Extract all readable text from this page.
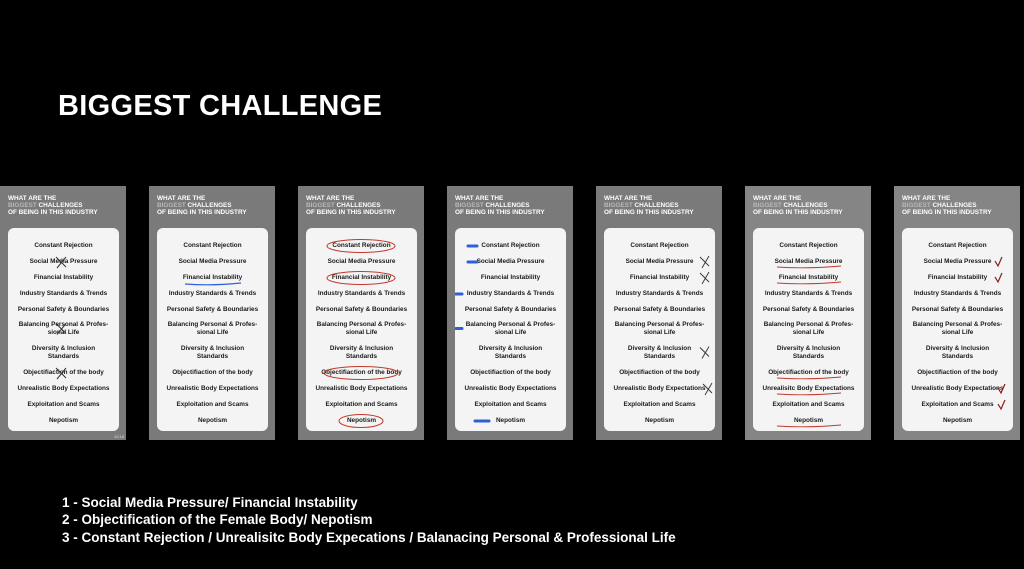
BIGGEST CHALLENGE
WHAT ARE THE
BIGGEST CHALLENGES
OF BEING IN THIS INDUSTRY
Constant Rejection
Social Media Pressure
Financial Instability
Industry Standards & Trends
Personal Safety & Boundaries
Balancing Personal & Profes-
sional Life
Diversity & Inclusion
Standards
Objectifiaction of the body
Unrealistic Body Expectations
Exploitation and Scams
Nepotism
10:18
WHAT ARE THE
BIGGEST CHALLENGES
OF BEING IN THIS INDUSTRY
Constant Rejection
Social Media Pressure
Financial Instability
Industry Standards & Trends
Personal Safety & Boundaries
Balancing Personal & Profes-
sional Life
Diversity & Inclusion
Standards
Objectifiaction of the body
Unrealistic Body Expectations
Exploitation and Scams
Nepotism
WHAT ARE THE
BIGGEST CHALLENGES
OF BEING IN THIS INDUSTRY
Constant Rejection
Social Media Pressure
Financial Instability
Industry Standards & Trends
Personal Safety & Boundaries
Balancing Personal & Profes-
sional Life
Diversity & Inclusion
Standards
Objectifiaction of the body
Unrealistic Body Expectations
Exploitation and Scams
Nepotism
WHAT ARE THE
BIGGEST CHALLENGES
OF BEING IN THIS INDUSTRY
Constant Rejection
Social Media Pressure
Financial Instability
Industry Standards & Trends
Personal Safety & Boundaries
Balancing Personal & Profes-
sional Life
Diversity & Inclusion
Standards
Objectifiaction of the body
Unrealistic Body Expectations
Exploitation and Scams
Nepotism
WHAT ARE THE
BIGGEST CHALLENGES
OF BEING IN THIS INDUSTRY
Constant Rejection
Social Media Pressure
Financial Instability
Industry Standards & Trends
Personal Safety & Boundaries
Balancing Personal & Profes-
sional Life
Diversity & Inclusion
Standards
Objectifiaction of the body
Unrealistic Body Expectations
Exploitation and Scams
Nepotism
WHAT ARE THE
BIGGEST CHALLENGES
OF BEING IN THIS INDUSTRY
Constant Rejection
Social Media Pressure
Financial Instability
Industry Standards & Trends
Personal Safety & Boundaries
Balancing Personal & Profes-
sional Life
Diversity & Inclusion
Standards
Objectifiaction of the body
Unrealisitc Body Expectations
Exploitation and Scams
Nepotism
WHAT ARE THE
BIGGEST CHALLENGES
OF BEING IN THIS INDUSTRY
Constant Rejection
Social Media Pressure
Financial Instability
Industry Standards & Trends
Personal Safety & Boundaries
Balancing Personal & Profes-
sional Life
Diversity & Inclusion
Standards
Objectifiaction of the body
Unrealistic Body Expectations
Exploitation and Scams
Nepotism
1 - Social Media Pressure/ Financial Instability
2 - Objectification of the Female Body/ Nepotism
3 - Constant Rejection / Unrealisitc Body Expecations / Balanacing Personal & Professional Life
